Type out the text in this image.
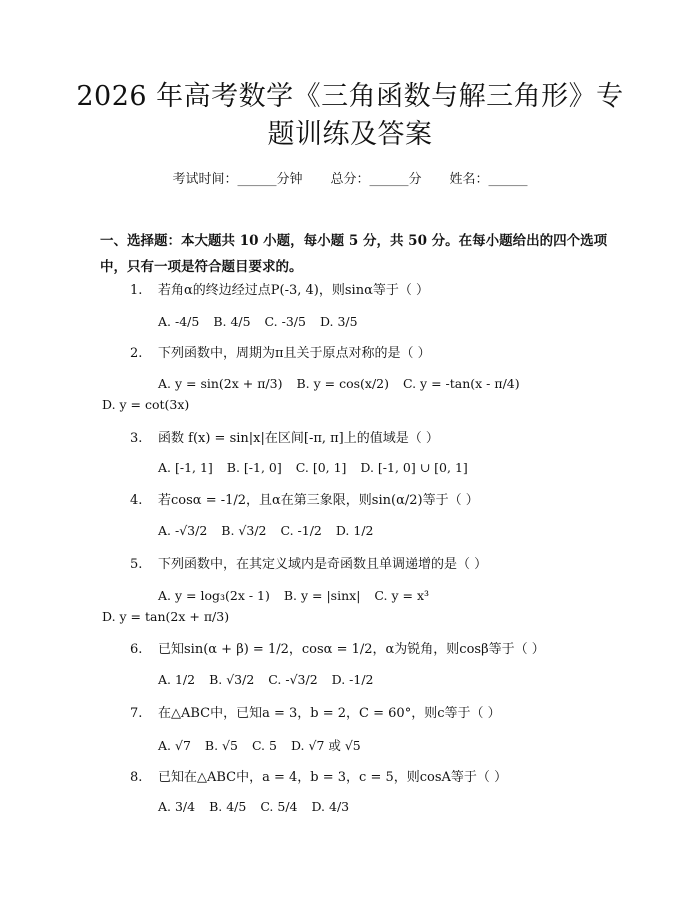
2026 年高考数学《三角函数与解三角形》专
题训练及答案
考试时间：______分钟 总分：______分 姓名：______
一、选择题：本大题共 10 小题，每小题 5 分，共 50 分。在每小题给出的四个选项中，只有一项是符合题目要求的。
1. 若角α的终边经过点P(-3, 4)，则sinα等于（ ）
A. -4/5 B. 4/5 C. -3/5 D. 3/5
2. 下列函数中，周期为π且关于原点对称的是（ ）
A. y = sin(2x + π/3) B. y = cos(x/2) C. y = -tan(x - π/4)
D. y = cot(3x)
3. 函数 f(x) = sin|x|在区间[-π, π]上的值域是（ ）
A. [-1, 1] B. [-1, 0] C. [0, 1] D. [-1, 0] ∪ [0, 1]
4. 若cosα = -1/2，且α在第三象限，则sin(α/2)等于（ ）
A. -√3/2 B. √3/2 C. -1/2 D. 1/2
5. 下列函数中，在其定义域内是奇函数且单调递增的是（ ）
A. y = log₃(2x - 1) B. y = |sinx| C. y = x³
D. y = tan(2x + π/3)
6. 已知sin(α + β) = 1/2，cosα = 1/2，α为锐角，则cosβ等于（ ）
A. 1/2 B. √3/2 C. -√3/2 D. -1/2
7. 在△ABC中，已知a = 3，b = 2，C = 60°，则c等于（ ）
A. √7 B. √5 C. 5 D. √7 或 √5
8. 已知在△ABC中，a = 4，b = 3，c = 5，则cosA等于（ ）
A. 3/4 B. 4/5 C. 5/4 D. 4/3
